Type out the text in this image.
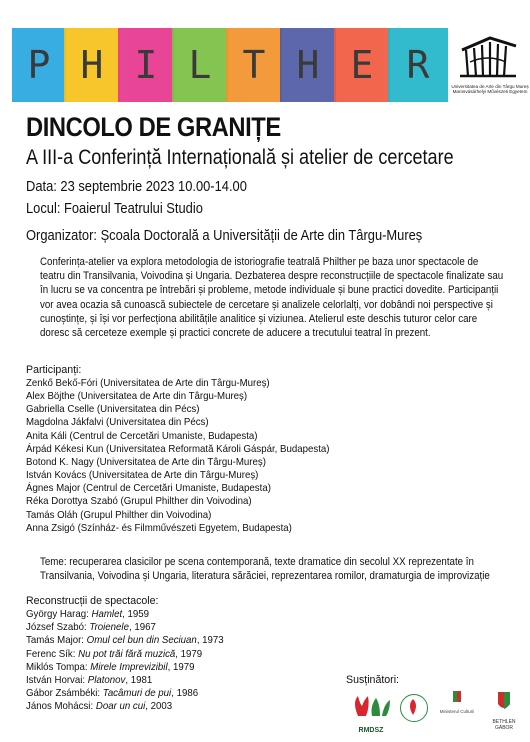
P H I L T H E R	Universitatea de Arte din Târgu Mureș
Marosvásárhelyi Művészeti Egyetem
DINCOLO DE GRANIȚE
A III-a Conferință Internațională și atelier de cercetare
Data: 23 septembrie 2023 10.00-14.00
Locul: Foaierul Teatrului Studio
Organizator: Școala Doctorală a Universității de Arte din Târgu-Mureș

Conferința-atelier va explora metodologia de istoriografie teatrală Philther pe baza unor spectacole de teatru din Transilvania, Voivodina și Ungaria. Dezbaterea despre reconstrucțiile de spectacole finalizate sau în lucru se va concentra pe întrebări și probleme, metode individuale și bune practici dovedite. Participanții vor avea ocazia să cunoască subiectele de cercetare și analizele celorlalți, vor dobândi noi perspective și cunoștințe, și își vor perfecționa abilitățile analitice și viziunea. Atelierul este deschis tuturor celor care doresc să cerceteze exemple și practici concrete de aducere a trecutului teatral în prezent.

Participanți:
Zenkő Bekő-Fóri (Universitatea de Arte din Târgu-Mureș)
Alex Böjthe (Universitatea de Arte din Târgu-Mureș)
Gabriella Cselle (Universitatea din Pécs)
Magdolna Jákfalvi (Universitatea din Pécs)
Anita Káli (Centrul de Cercetări Umaniste, Budapesta)
Árpád Kékesi Kun (Universitatea Reformată Károli Gáspár, Budapesta)
Botond K. Nagy (Universitatea de Arte din Târgu-Mureș)
István Kovács (Universitatea de Arte din Târgu-Mureș)
Ágnes Major (Centrul de Cercetări Umaniste, Budapesta)
Réka Dorottya Szabó (Grupul Philther din Voivodina)
Tamás Oláh (Grupul Philther din Voivodina)
Anna Zsigó (Színház- és Filmművészeti Egyetem, Budapesta)

Teme: recuperarea clasicilor pe scena contemporană, texte dramatice din secolul XX reprezentate în Transilvania, Voivodina și Ungaria, literatura sărăciei, reprezentarea romilor, dramaturgia de improvizație

Reconstrucții de spectacole:
György Harag: Hamlet, 1959
József Szabó: Troienele, 1967
Tamás Major: Omul cel bun din Seciuan, 1973
Ferenc Sík: Nu pot trăi fără muzică, 1979
Miklós Tompa: Mirele Imprevizibil, 1979
István Horvai: Platonov, 1981
Gábor Zsámbéki: Tacâmuri de pui, 1986
János Mohácsi: Doar un cui, 2003
Susținători:
RMDSZ
Ministerul Culturii
BETHLEN GÁBOR
